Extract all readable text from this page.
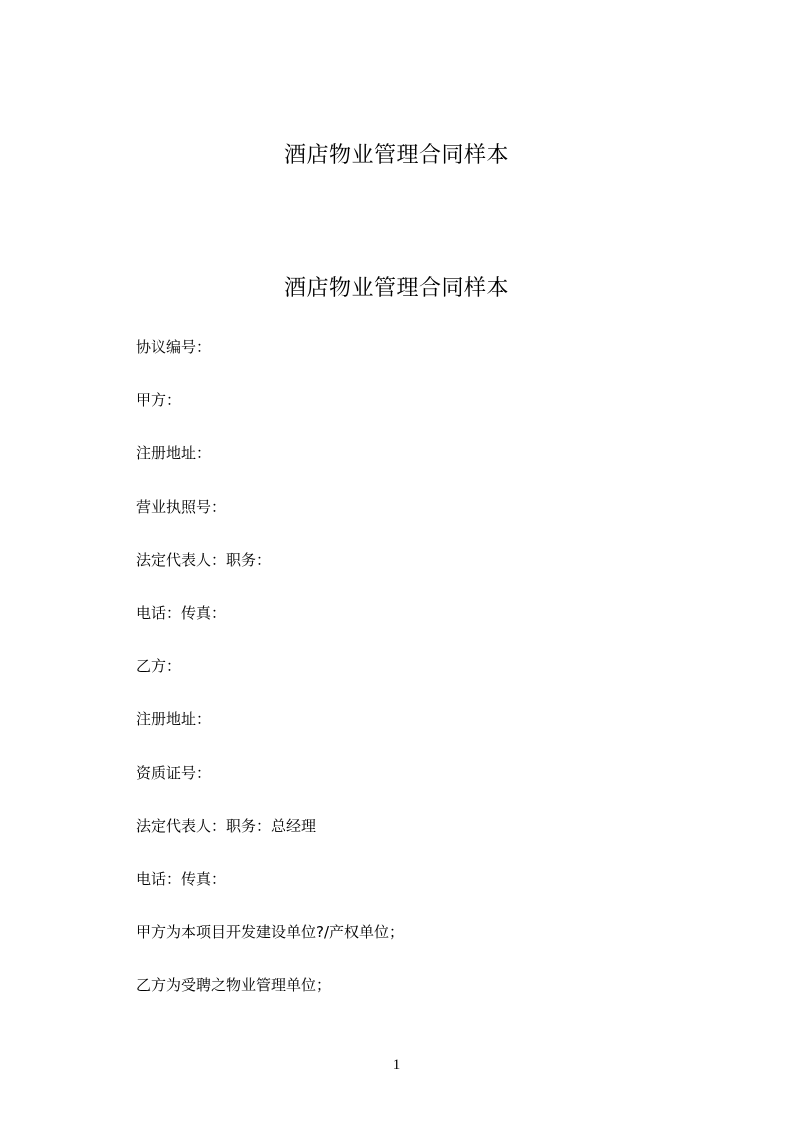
酒店物业管理合同样本
酒店物业管理合同样本
协议编号：
甲方：
注册地址：
营业执照号：
法定代表人：职务：
电话：传真：
乙方：
注册地址：
资质证号：
法定代表人：职务：总经理
电话：传真：
甲方为本项目开发建设单位?/产权单位；
乙方为受聘之物业管理单位；
1
